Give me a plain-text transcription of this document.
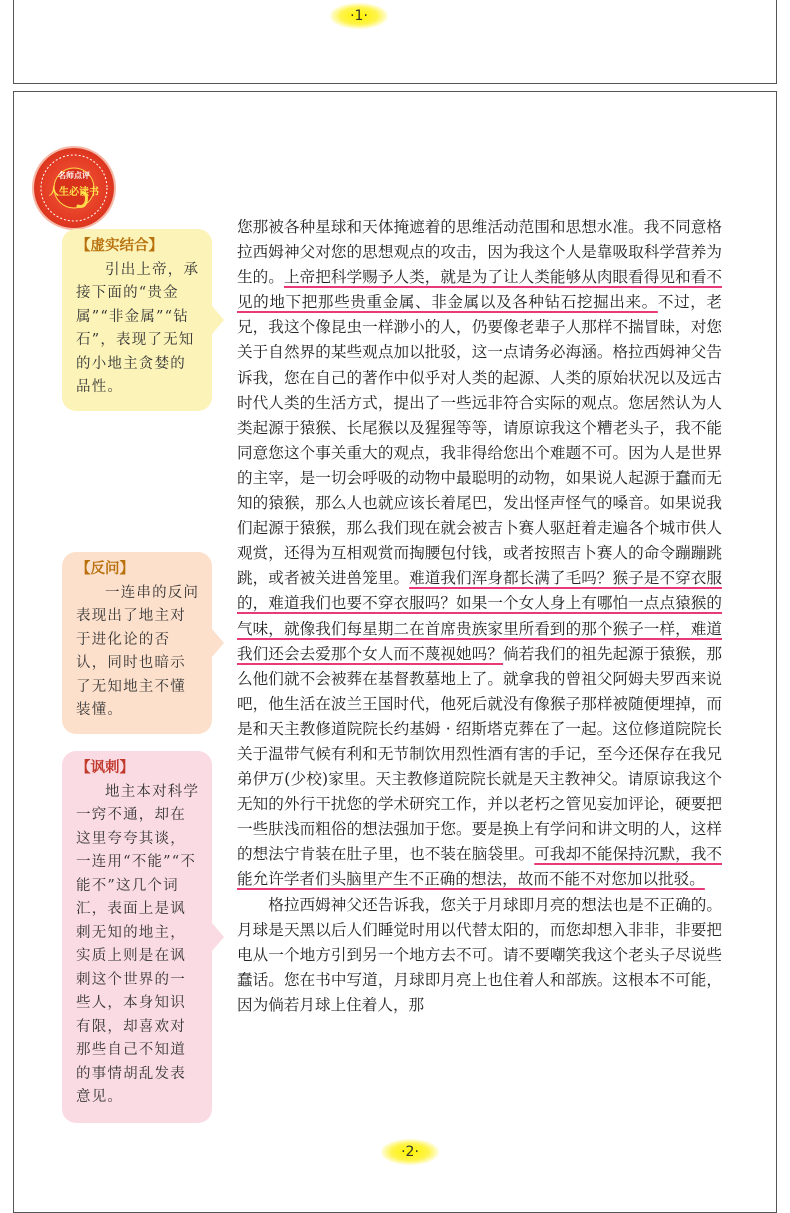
·1·
名师点评
人生必读书
【虚实结合】
引出上帝，承接下面的“贵金属”“非金属”“钻石”，表现了无知的小地主贪婪的品性。
【反问】
一连串的反问表现出了地主对于进化论的否认，同时也暗示了无知地主不懂装懂。
【讽刺】
地主本对科学一窍不通，却在这里夸夸其谈，一连用“不能”“不能不”这几个词汇，表面上是讽刺无知的地主，实质上则是在讽刺这个世界的一些人，本身知识有限，却喜欢对那些自己不知道的事情胡乱发表意见。

您那被各种星球和天体掩遮着的思维活动范围和思想水准。我不同意格拉西姆神父对您的思想观点的攻击，因为我这个人是靠吸取科学营养为生的。上帝把科学赐予人类，就是为了让人类能够从肉眼看得见和看不见的地下把那些贵重金属、非金属以及各种钻石挖掘出来。不过，老兄，我这个像昆虫一样渺小的人，仍要像老辈子人那样不揣冒昧，对您关于自然界的某些观点加以批驳，这一点请务必海涵。格拉西姆神父告诉我，您在自己的著作中似乎对人类的起源、人类的原始状况以及远古时代人类的生活方式，提出了一些远非符合实际的观点。您居然认为人类起源于猿猴、长尾猴以及猩猩等等，请原谅我这个糟老头子，我不能同意您这个事关重大的观点，我非得给您出个难题不可。因为人是世界的主宰，是一切会呼吸的动物中最聪明的动物，如果说人起源于蠢而无知的猿猴，那么人也就应该长着尾巴，发出怪声怪气的嗓音。如果说我们起源于猿猴，那么我们现在就会被吉卜赛人驱赶着走遍各个城市供人观赏，还得为互相观赏而掏腰包付钱，或者按照吉卜赛人的命令蹦蹦跳跳，或者被关进兽笼里。难道我们浑身都长满了毛吗？猴子是不穿衣服的，难道我们也要不穿衣服吗？如果一个女人身上有哪怕一点点猿猴的气味，就像我们每星期二在首席贵族家里所看到的那个猴子一样，难道我们还会去爱那个女人而不蔑视她吗？倘若我们的祖先起源于猿猴，那么他们就不会被葬在基督教墓地上了。就拿我的曾祖父阿姆夫罗西来说吧，他生活在波兰王国时代，他死后就没有像猴子那样被随便埋掉，而是和天主教修道院院长约基姆 · 绍斯塔克葬在了一起。这位修道院院长关于温带气候有利和无节制饮用烈性酒有害的手记，至今还保存在我兄弟伊万(少校)家里。天主教修道院院长就是天主教神父。请原谅我这个无知的外行干扰您的学术研究工作，并以老朽之管见妄加评论，硬要把一些肤浅而粗俗的想法强加于您。要是换上有学问和讲文明的人，这样的想法宁肯装在肚子里，也不装在脑袋里。可我却不能保持沉默，我不能允许学者们头脑里产生不正确的想法，故而不能不对您加以批驳。

格拉西姆神父还告诉我，您关于月球即月亮的想法也是不正确的。月球是天黑以后人们睡觉时用以代替太阳的，而您却想入非非，非要把电从一个地方引到另一个地方去不可。请不要嘲笑我这个老头子尽说些蠢话。您在书中写道，月球即月亮上也住着人和部族。这根本不可能，因为倘若月球上住着人，那

·2·
